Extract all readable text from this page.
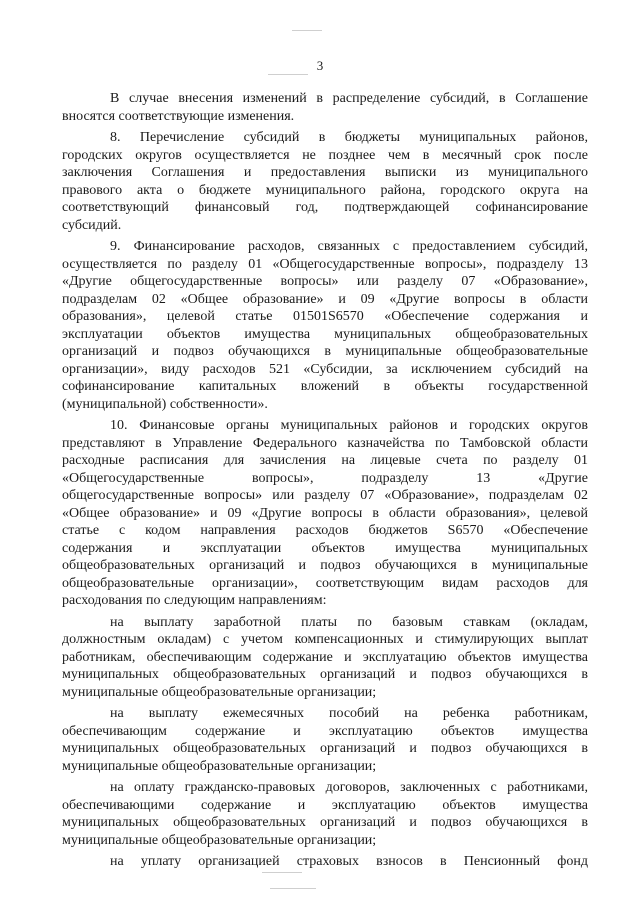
3
В случае внесения изменений в распределение субсидий, в Соглашение
вносятся соответствующие изменения.
8. Перечисление субсидий в бюджеты муниципальных районов,
городских округов осуществляется не позднее чем в месячный срок после
заключения Соглашения и предоставления выписки из муниципального
правового акта о бюджете муниципального района, городского округа на
соответствующий финансовый год, подтверждающей софинансирование
субсидий.
9. Финансирование расходов, связанных с предоставлением субсидий,
осуществляется по разделу 01 «Общегосударственные вопросы», подразделу 13
«Другие общегосударственные вопросы» или разделу 07 «Образование»,
подразделам 02 «Общее образование» и 09 «Другие вопросы в области
образования», целевой статье 01501S6570 «Обеспечение содержания и
эксплуатации объектов имущества муниципальных общеобразовательных
организаций и подвоз обучающихся в муниципальные общеобразовательные
организации», виду расходов 521 «Субсидии, за исключением субсидий на
софинансирование капитальных вложений в объекты государственной
(муниципальной) собственности».
10. Финансовые органы муниципальных районов и городских округов
представляют в Управление Федерального казначейства по Тамбовской области
расходные расписания для зачисления на лицевые счета по разделу 01
«Общегосударственные вопросы», подразделу 13 «Другие
общегосударственные вопросы» или разделу 07 «Образование», подразделам 02
«Общее образование» и 09 «Другие вопросы в области образования», целевой
статье с кодом направления расходов бюджетов S6570 «Обеспечение
содержания и эксплуатации объектов имущества муниципальных
общеобразовательных организаций и подвоз обучающихся в муниципальные
общеобразовательные организации», соответствующим видам расходов для
расходования по следующим направлениям:
на выплату заработной платы по базовым ставкам (окладам,
должностным окладам) с учетом компенсационных и стимулирующих выплат
работникам, обеспечивающим содержание и эксплуатацию объектов имущества
муниципальных общеобразовательных организаций и подвоз обучающихся в
муниципальные общеобразовательные организации;
на выплату ежемесячных пособий на ребенка работникам,
обеспечивающим содержание и эксплуатацию объектов имущества
муниципальных общеобразовательных организаций и подвоз обучающихся в
муниципальные общеобразовательные организации;
на оплату гражданско-правовых договоров, заключенных с работниками,
обеспечивающими содержание и эксплуатацию объектов имущества
муниципальных общеобразовательных организаций и подвоз обучающихся в
муниципальные общеобразовательные организации;
на уплату организацией страховых взносов в Пенсионный фонд
